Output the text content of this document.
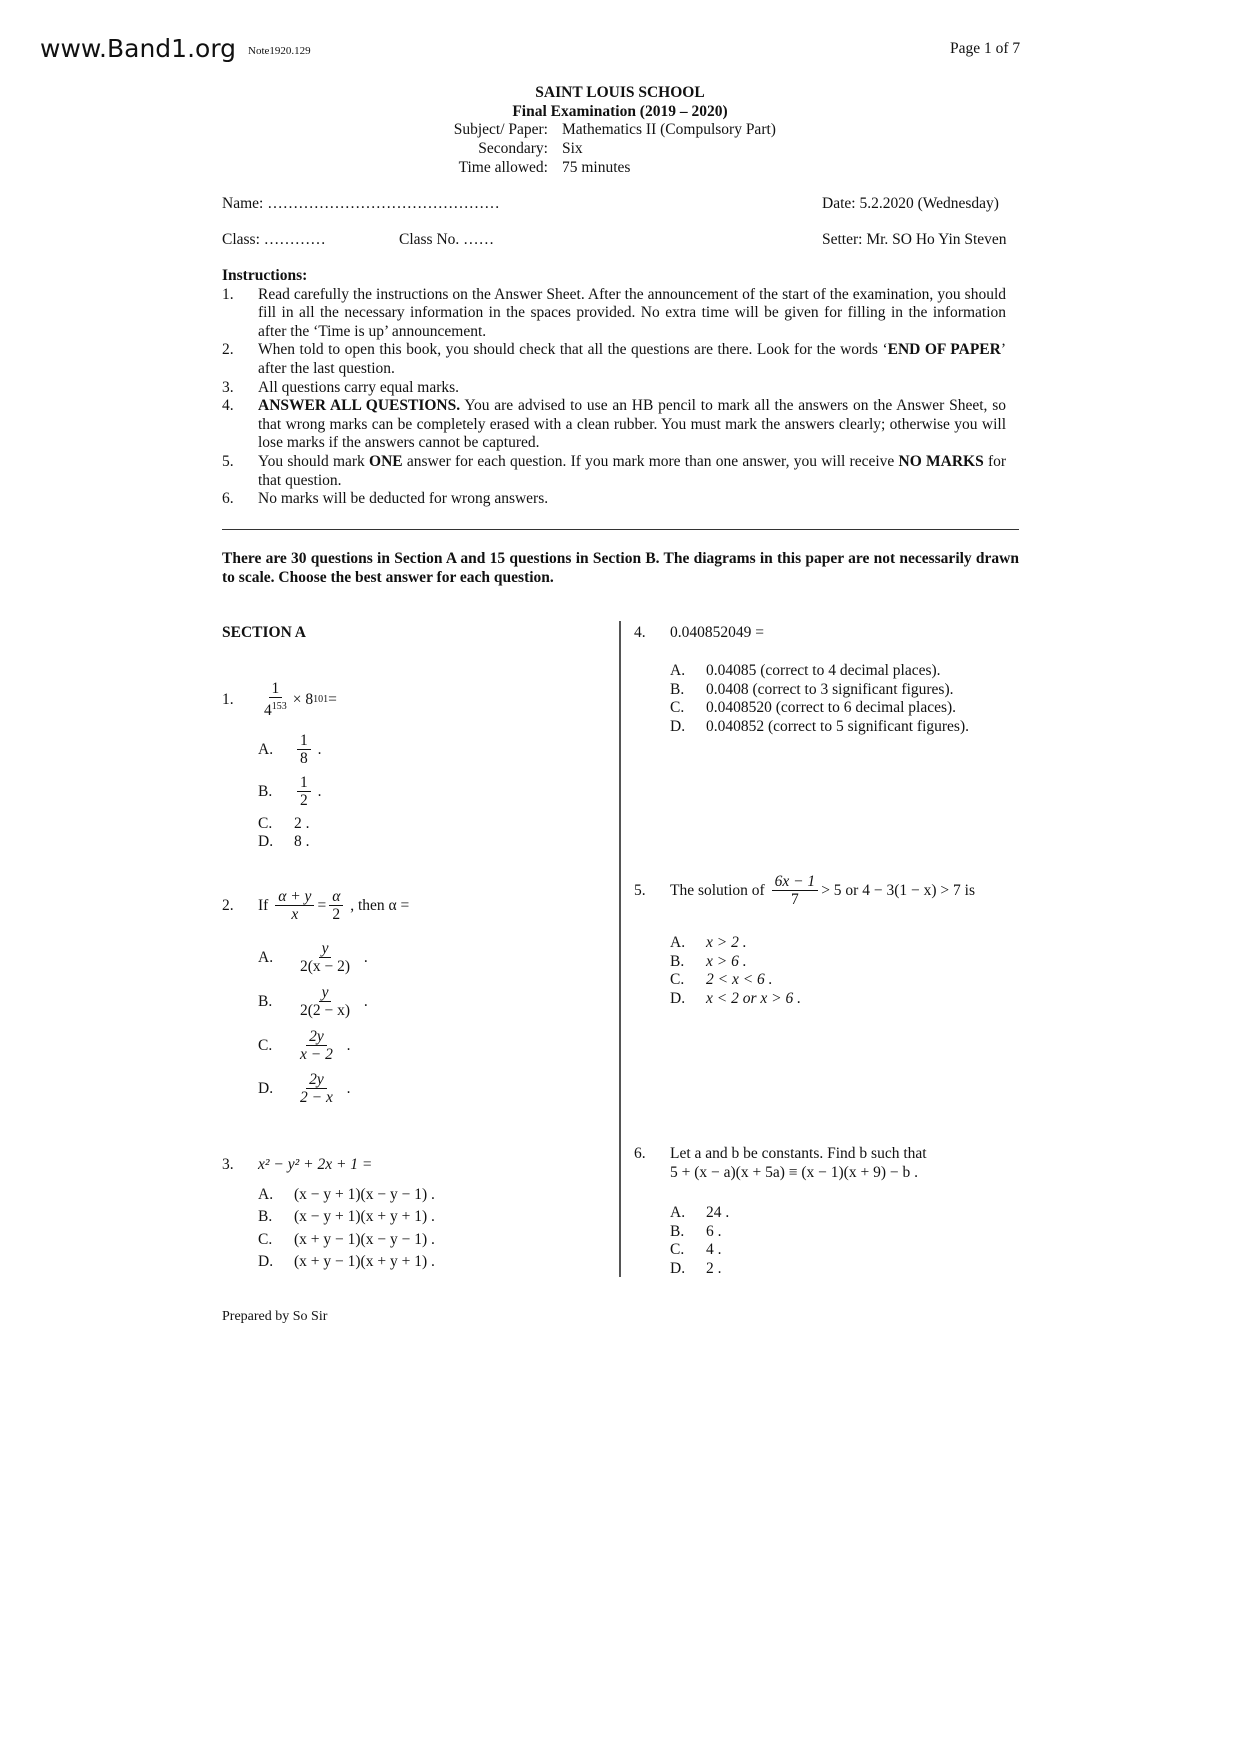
www.Band1.org Note1920.129	Page 1 of 7
SAINT LOUIS SCHOOL
Final Examination (2019 – 2020)
Subject/ Paper: Mathematics II (Compulsory Part)
Secondary: Six
Time allowed: 75 minutes
Name: ………………………………………	Date: 5.2.2020 (Wednesday)
Class: …………	Class No. ……	Setter: Mr. SO Ho Yin Steven
Instructions:
1.	Read carefully the instructions on the Answer Sheet. After the announcement of the start of the examination, you should fill in all the necessary information in the spaces provided. No extra time will be given for filling in the information after the ‘Time is up’ announcement.
2.	When told to open this book, you should check that all the questions are there. Look for the words ‘END OF PAPER’ after the last question.
3.	All questions carry equal marks.
4.	ANSWER ALL QUESTIONS. You are advised to use an HB pencil to mark all the answers on the Answer Sheet, so that wrong marks can be completely erased with a clean rubber. You must mark the answers clearly; otherwise you will lose marks if the answers cannot be captured.
5.	You should mark ONE answer for each question. If you mark more than one answer, you will receive NO MARKS for that question.
6.	No marks will be deducted for wrong answers.
There are 30 questions in Section A and 15 questions in Section B. The diagrams in this paper are not necessarily drawn to scale. Choose the best answer for each question.
SECTION A
1.	$\frac{1}{4^{153}} \times 8$ 101 =
A.	$\frac{1}{8}$ .
B.	$\frac{1}{2}$ .
C.	2 .
D.	8 .
2.	If
$\frac{\alpha + y}{x} = \frac{\alpha}{2}$
, then α =
A.	$\frac{y}{2(x - 2)}$ .
B.	$\frac{y}{2(2 - x)}$ .
C.	$\frac{2y}{x - 2}$ .
D.	$\frac{2y}{2 - x}$ .
3. x² − y² + 2x + 1 =
A.	(x − y + 1)(x − y − 1) .
B.	(x − y + 1)(x + y + 1) .
C.	(x + y − 1)(x − y − 1) .
D.	(x + y − 1)(x + y + 1) .
4. 0.040852049 =
A.	0.04085 (correct to 4 decimal places).
B.	0.0408 (correct to 3 significant figures).
C.	0.0408520 (correct to 6 decimal places).
D.	0.040852 (correct to 5 significant figures).
5.	The solution of
$\frac{6x - 1}{7} > 5$ or 4 − 3(1 − x) > 7 is
A.	x > 2 .
B.	x > 6 .
C.	2 < x < 6 .
D.	x < 2 or x > 6 .
6. Let a and b be constants. Find b such that
5 + (x − a)(x + 5a) ≡ (x − 1)(x + 9) − b .
A.	24 .
B.	6 .
C.	4 .
D.	2 .
Prepared by So Sir
